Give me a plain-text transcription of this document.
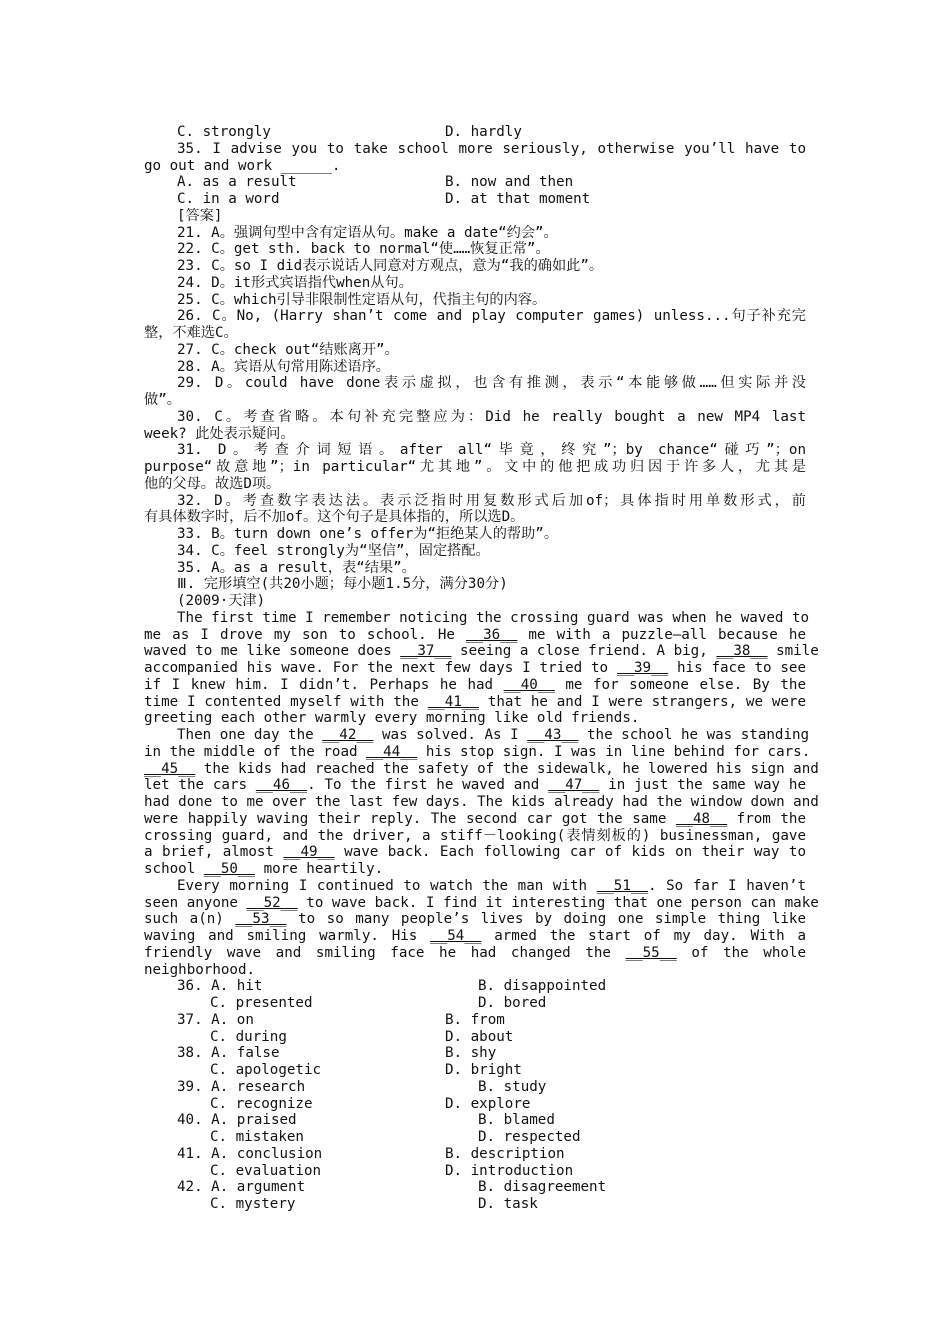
C. strongly	D. hardly
35. I advise you to take school more seriously, otherwise you’ll have to
go out and work ______.
A. as a result	B. now and then
C. in a word	D. at that moment
[答案]
21. A。强调句型中含有定语从句。make a date“约会”。
22. C。get sth. back to normal“使……恢复正常”。
23. C。so I did表示说话人同意对方观点，意为“我的确如此”。
24. D。it形式宾语指代when从句。
25. C。which引导非限制性定语从句，代指主句的内容。
26. C。No, (Harry shan’t come and play computer games) unless...句子补充完
整，不难选C。
27. C。check out“结账离开”。
28. A。宾语从句常用陈述语序。
29. D。could have done表示虚拟，也含有推测，表示“本能够做……但实际并没
做”。
30. C。考查省略。本句补充完整应为：Did he really bought a new MP4 last
week? 此处表示疑问。
31. D。考查介词短语。after all“毕竟，终究”；by chance“碰巧”；on
purpose“故意地”；in particular“尤其地”。文中的他把成功归因于许多人，尤其是
他的父母。故选D项。
32. D。考查数字表达法。表示泛指时用复数形式后加of；具体指时用单数形式，前
有具体数字时，后不加of。这个句子是具体指的，所以选D。
33. B。turn down one’s offer为“拒绝某人的帮助”。
34. C。feel strongly为“坚信”，固定搭配。
35. A。as a result，表“结果”。
Ⅲ. 完形填空(共20小题；每小题1.5分，满分30分)
(2009·天津)
The first time I remember noticing the crossing guard was when he waved to
me as I drove my son to school. He __36__ me with a puzzle—all because he
waved to me like someone does __37__ seeing a close friend. A big, __38__ smile
accompanied his wave. For the next few days I tried to __39__ his face to see
if I knew him. I didn’t. Perhaps he had __40__ me for someone else. By the
time I contented myself with the __41__ that he and I were strangers, we were
greeting each other warmly every morning like old friends.
Then one day the __42__ was solved. As I __43__ the school he was standing
in the middle of the road __44__ his stop sign. I was in line behind for cars.
__45__ the kids had reached the safety of the sidewalk, he lowered his sign and
let the cars __46__. To the first he waved and __47__ in just the same way he
had done to me over the last few days. The kids already had the window down and
were happily waving their reply. The second car got the same __48__ from the
crossing guard, and the driver, a stiff－looking(表情刻板的) businessman, gave
a brief, almost __49__ wave back. Each following car of kids on their way to
school __50__ more heartily.
Every morning I continued to watch the man with __51__. So far I haven’t
seen anyone __52__ to wave back. I find it interesting that one person can make
such a(n) __53__ to so many people’s lives by doing one simple thing like
waving and smiling warmly. His __54__ armed the start of my day. With a
friendly wave and smiling face he had changed the __55__ of the whole
neighborhood.
36. A. hit	B. disappointed
C. presented	D. bored
37. A. on	B. from
C. during	D. about
38. A. false	B. shy
C. apologetic	D. bright
39. A. research	B. study
C. recognize	D. explore
40. A. praised	B. blamed
C. mistaken	D. respected
41. A. conclusion	B. description
C. evaluation	D. introduction
42. A. argument	B. disagreement
C. mystery	D. task
